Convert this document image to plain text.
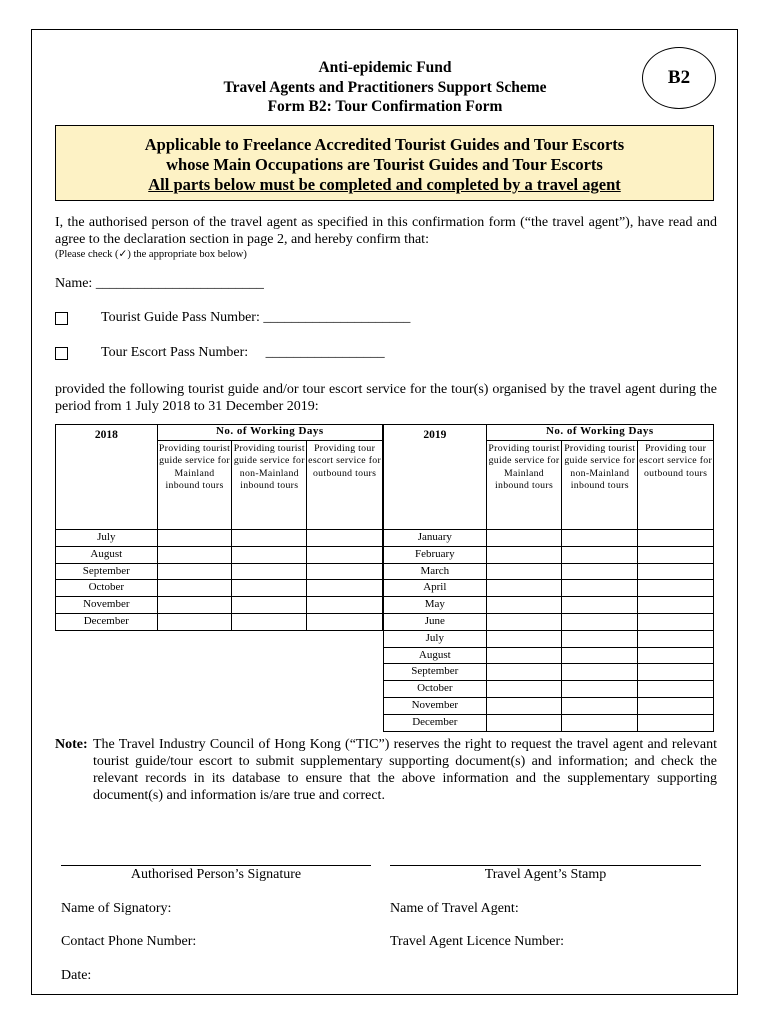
Anti-epidemic Fund
Travel Agents and Practitioners Support Scheme
Form B2: Tour Confirmation Form
B2
Applicable to Freelance Accredited Tourist Guides and Tour Escorts
whose Main Occupations are Tourist Guides and Tour Escorts
All parts below must be completed and completed by a travel agent
I, the authorised person of the travel agent as specified in this confirmation form (“the travel agent”), have read and agree to the declaration section in page 2, and hereby confirm that:
(Please check (✓) the appropriate box below)
Name: ________________________
Tourist Guide Pass Number: _____________________
Tour Escort Pass Number:     _________________
provided the following tourist guide and/or tour escort service for the tour(s) organised by the travel agent during the period from 1 July 2018 to 31 December 2019:
2018	No. of Working Days		
	Providing tourist guide service for Mainland inbound tours	Providing tourist guide service for non-Mainland inbound tours	Providing tour escort service for outbound tours
July			
August			
September			
October			
November			
December			
2019	No. of Working Days		
	Providing tourist guide service for Mainland inbound tours	Providing tourist guide service for non-Mainland inbound tours	Providing tour escort service for outbound tours
January			
February			
March			
April			
May			
June			
July			
August			
September			
October			
November			
December			
Note: The Travel Industry Council of Hong Kong (“TIC”) reserves the right to request the travel agent and relevant tourist guide/tour escort to submit supplementary supporting document(s) and information; and check the relevant records in its database to ensure that the above information and the supplementary supporting document(s) and information is/are true and correct.
Authorised Person’s Signature	Travel Agent’s Stamp
Name of Signatory:
Contact Phone Number:
Date:
Name of Travel Agent:
Travel Agent Licence Number:
